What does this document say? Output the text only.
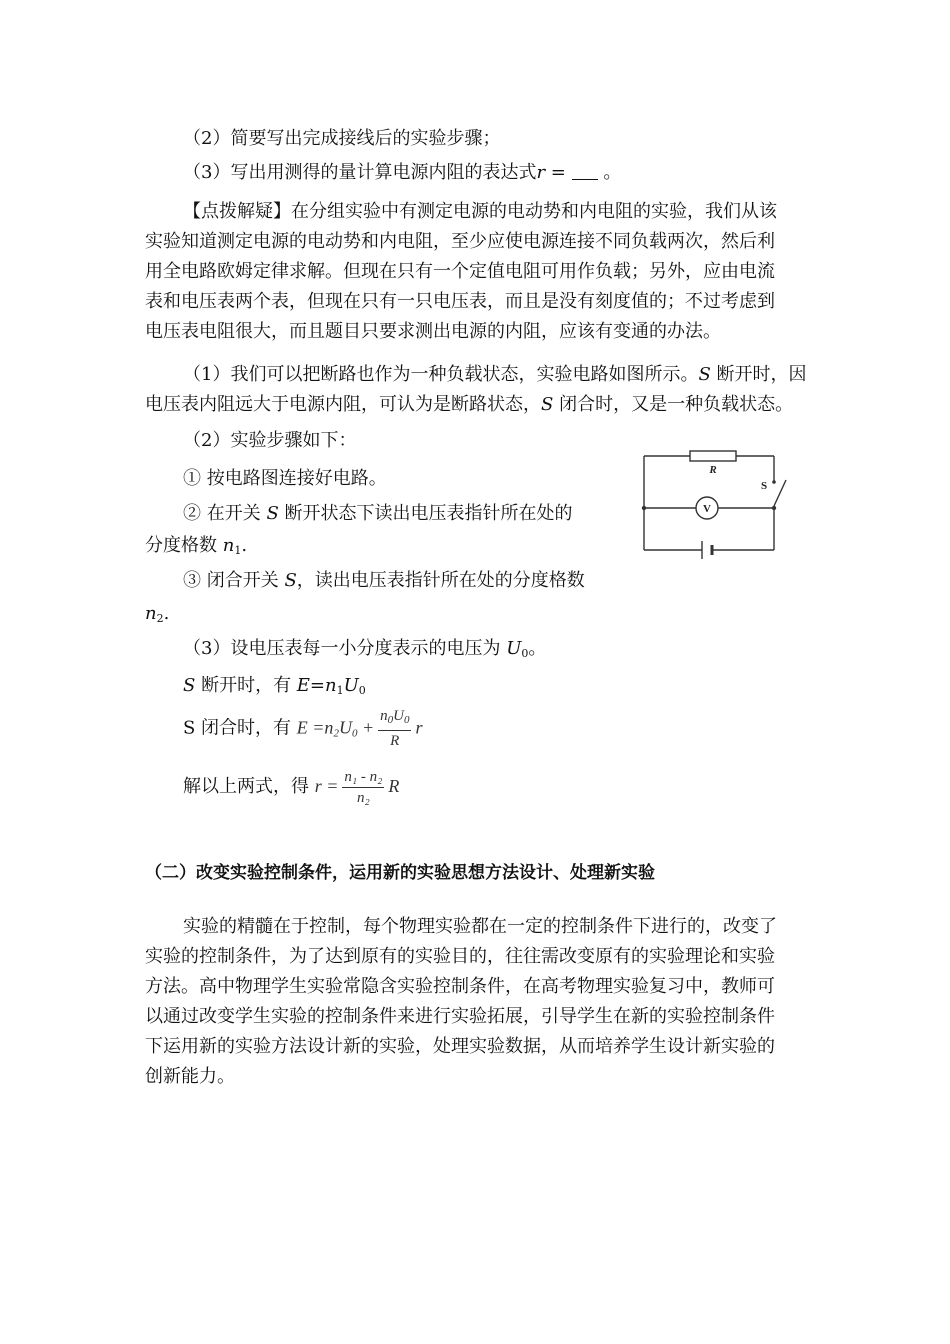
（2）简要写出完成接线后的实验步骤；
（3）写出用测得的量计算电源内阻的表达式r =  。
【点拨解疑】在分组实验中有测定电源的电动势和内电阻的实验，我们从该
实验知道测定电源的电动势和内电阻，至少应使电源连接不同负载两次，然后利
用全电路欧姆定律求解。但现在只有一个定值电阻可用作负载；另外，应由电流
表和电压表两个表，但现在只有一只电压表，而且是没有刻度值的；不过考虑到
电压表电阻很大，而且题目只要求测出电源的内阻，应该有变通的办法。
（1）我们可以把断路也作为一种负载状态，实验电路如图所示。S 断开时，因
电压表内阻远大于电源内阻，可认为是断路状态，S 闭合时，又是一种负载状态。
（2）实验步骤如下：
① 按电路图连接好电路。
② 在开关 S 断开状态下读出电压表指针所在处的
分度格数 $n_1$.
③ 闭合开关 S，读出电压表指针所在处的分度格数
$n_2$.
（3）设电压表每一小分度表示的电压为 $U_0$。
S 断开时，有 $E=n_1U_0$
S 闭合时，有 $E =n_2U_0 + \frac{n_0U_0}{R}$ r
解以上两式，得 $r = \frac{\text{n₁ - n₂}}{\text{n₂}}$ R
（二）改变实验控制条件，运用新的实验思想方法设计、处理新实验
实验的精髓在于控制，每个物理实验都在一定的控制条件下进行的，改变了
实验的控制条件，为了达到原有的实验目的，往往需改变原有的实验理论和实验
方法。高中物理学生实验常隐含实验控制条件，在高考物理实验复习中，教师可
以通过改变学生实验的控制条件来进行实验拓展，引导学生在新的实验控制条件
下运用新的实验方法设计新的实验，处理实验数据，从而培养学生设计新实验的
创新能力。
R
S
V
